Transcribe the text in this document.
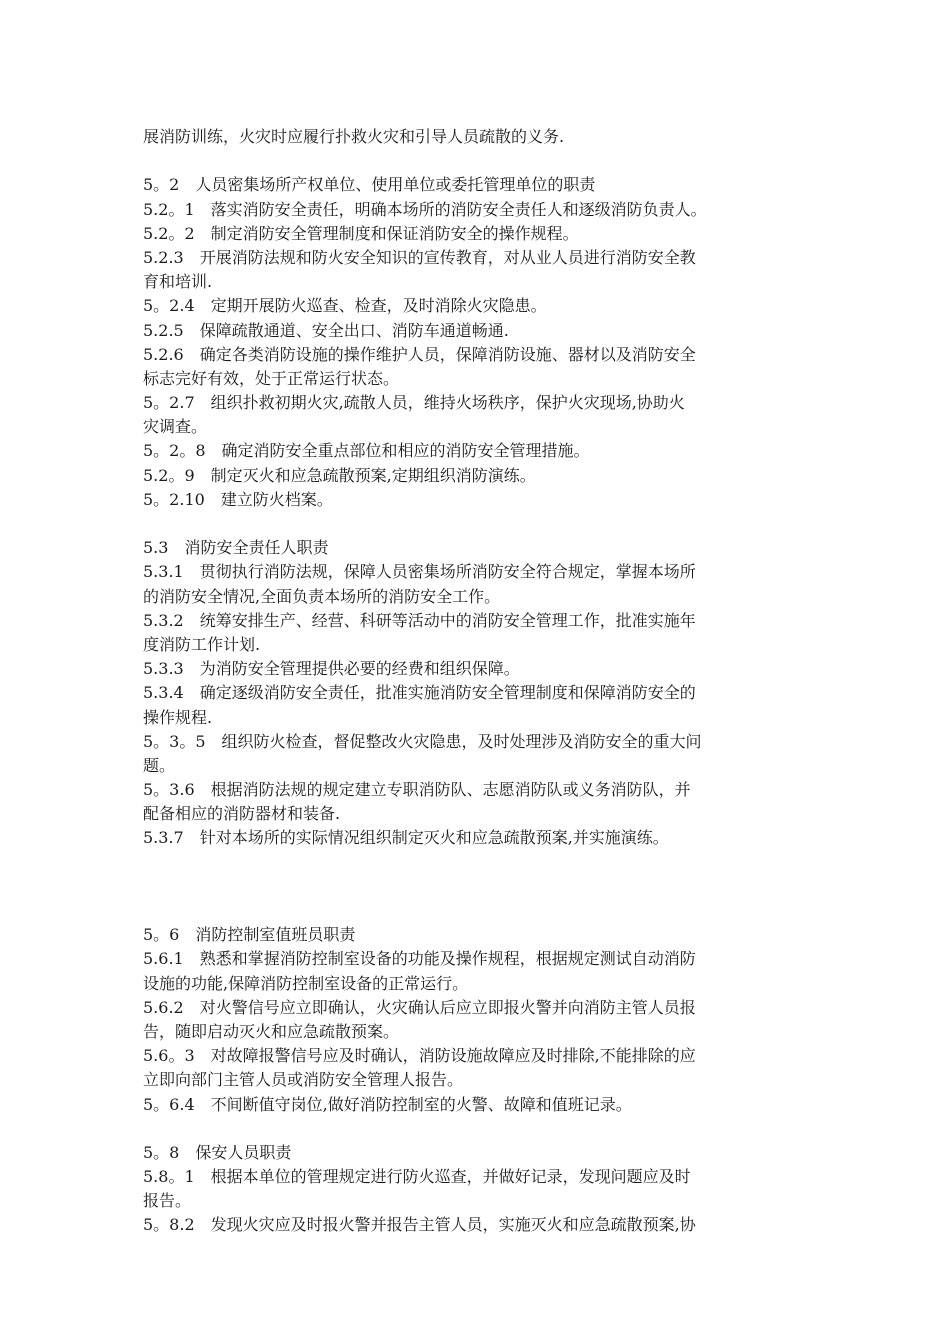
展消防训练，火灾时应履行扑救火灾和引导人员疏散的义务.
5。2　人员密集场所产权单位、使用单位或委托管理单位的职责
5.2。1　落实消防安全责任，明确本场所的消防安全责任人和逐级消防负责人。
5.2。2　制定消防安全管理制度和保证消防安全的操作规程。
5.2.3　开展消防法规和防火安全知识的宣传教育，对从业人员进行消防安全教
育和培训.
5。2.4　定期开展防火巡查、检查，及时消除火灾隐患。
5.2.5　保障疏散通道、安全出口、消防车通道畅通.
5.2.6　确定各类消防设施的操作维护人员，保障消防设施、器材以及消防安全
标志完好有效，处于正常运行状态。
5。2.7　组织扑救初期火灾,疏散人员，维持火场秩序，保护火灾现场,协助火
灾调查。
5。2。8　确定消防安全重点部位和相应的消防安全管理措施。
5.2。9　制定灭火和应急疏散预案,定期组织消防演练。
5。2.10　建立防火档案。
5.3　消防安全责任人职责
5.3.1　贯彻执行消防法规，保障人员密集场所消防安全符合规定，掌握本场所
的消防安全情况,全面负责本场所的消防安全工作。
5.3.2　统筹安排生产、经营、科研等活动中的消防安全管理工作，批准实施年
度消防工作计划.
5.3.3　为消防安全管理提供必要的经费和组织保障。
5.3.4　确定逐级消防安全责任，批准实施消防安全管理制度和保障消防安全的
操作规程.
5。3。5　组织防火检查，督促整改火灾隐患，及时处理涉及消防安全的重大问
题。
5。3.6　根据消防法规的规定建立专职消防队、志愿消防队或义务消防队，并
配备相应的消防器材和装备.
5.3.7　针对本场所的实际情况组织制定灭火和应急疏散预案,并实施演练。
5。6　消防控制室值班员职责
5.6.1　熟悉和掌握消防控制室设备的功能及操作规程，根据规定测试自动消防
设施的功能,保障消防控制室设备的正常运行。
5.6.2　对火警信号应立即确认，火灾确认后应立即报火警并向消防主管人员报
告，随即启动灭火和应急疏散预案。
5.6。3　对故障报警信号应及时确认，消防设施故障应及时排除,不能排除的应
立即向部门主管人员或消防安全管理人报告。
5。6.4　不间断值守岗位,做好消防控制室的火警、故障和值班记录。
5。8　保安人员职责
5.8。1　根据本单位的管理规定进行防火巡查，并做好记录，发现问题应及时
报告。
5。8.2　发现火灾应及时报火警并报告主管人员，实施灭火和应急疏散预案,协
